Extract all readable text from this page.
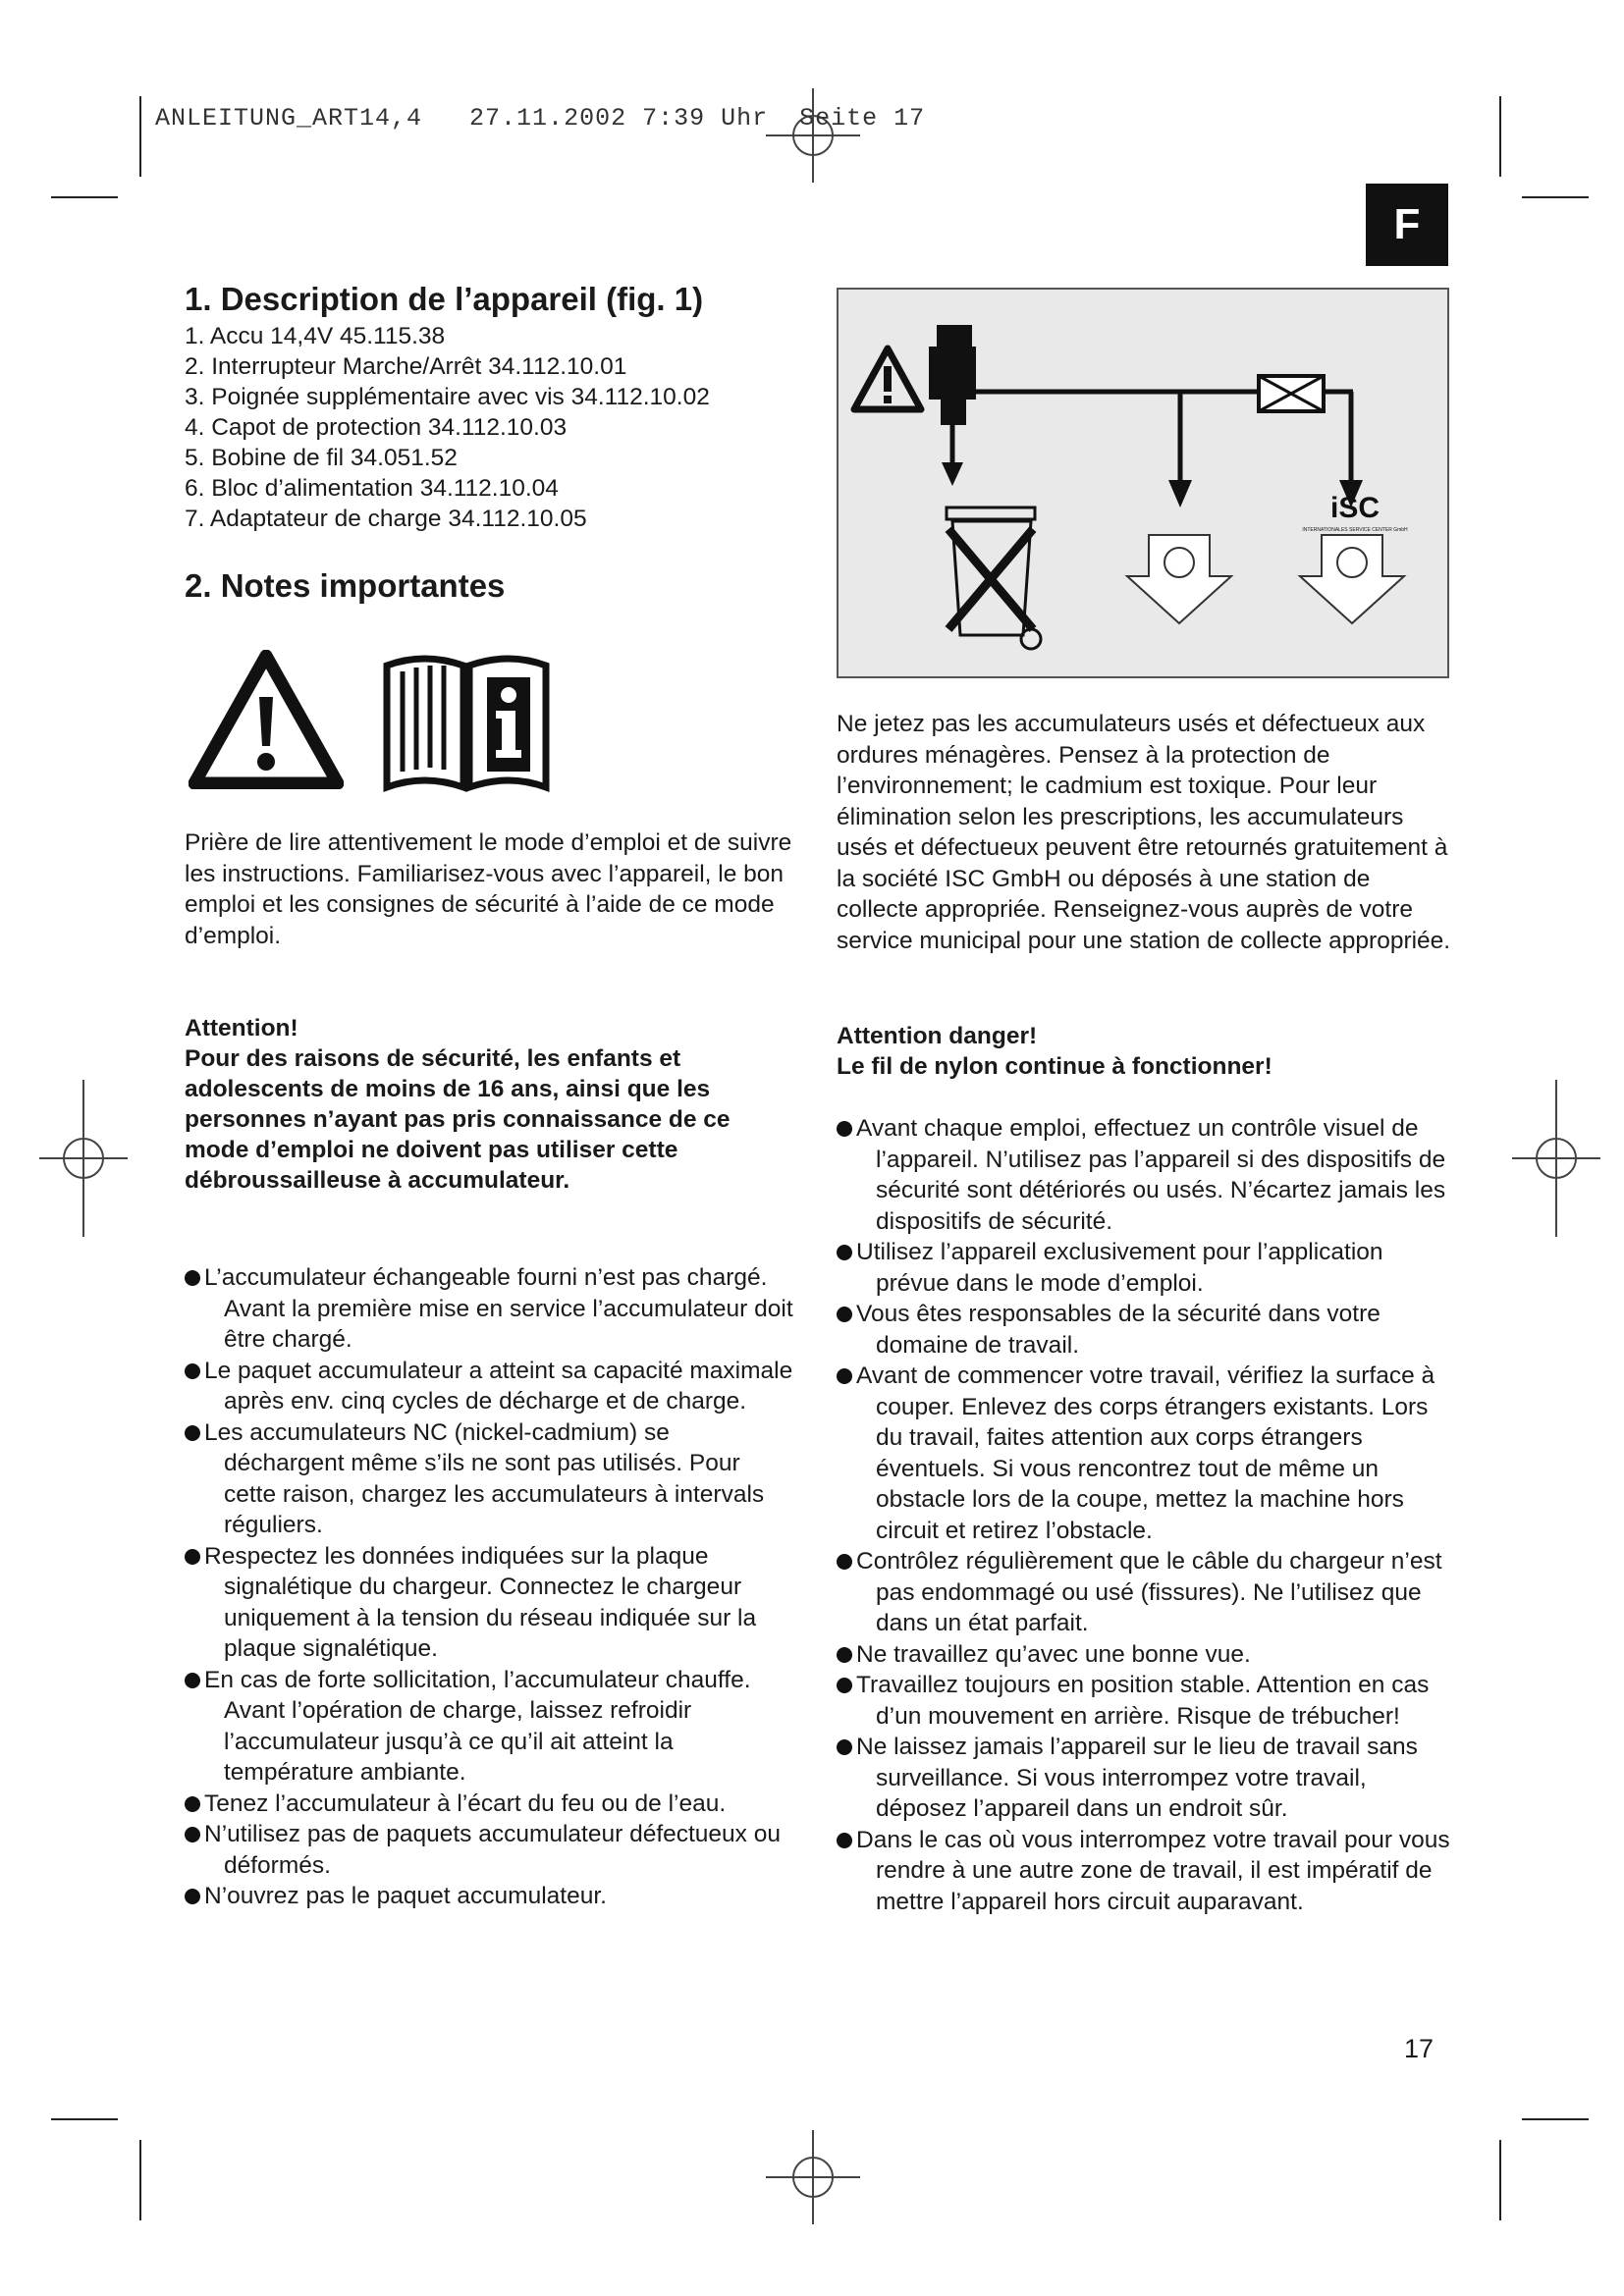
ANLEITUNG_ART14,4   27.11.2002 7:39 Uhr  Seite 17
F
1. Description de l’appareil (fig. 1)
1. Accu 14,4V 45.115.38
2. Interrupteur Marche/Arrêt 34.112.10.01
3. Poignée supplémentaire avec vis 34.112.10.02
4. Capot de protection 34.112.10.03
5. Bobine de fil 34.051.52
6. Bloc d’alimentation 34.112.10.04
7. Adaptateur de charge 34.112.10.05
2. Notes importantes
Prière de lire attentivement le mode d’emploi et de suivre les instructions. Familiarisez-vous avec l’appareil, le bon emploi et les consignes de sécurité à l’aide de ce mode d’emploi.
Attention!
Pour des raisons de sécurité, les enfants et adolescents de moins de 16 ans, ainsi que les personnes n’ayant pas pris connaissance de ce mode d’emploi ne doivent pas utiliser cette débroussailleuse à accumulateur.
L’accumulateur échangeable fourni n’est pas chargé. Avant la première mise en service l’accumulateur doit être chargé.
Le paquet accumulateur a atteint sa capacité maximale après env. cinq cycles de décharge et de charge.
Les accumulateurs NC (nickel-cadmium) se déchargent même s’ils ne sont pas utilisés. Pour cette raison, chargez les accumulateurs à intervals réguliers.
Respectez les données indiquées sur la plaque signalétique du chargeur. Connectez le chargeur uniquement à la tension du réseau indiquée sur la plaque signalétique.
En cas de forte sollicitation, l’accumulateur chauffe. Avant l’opération de charge, laissez refroidir l’accumulateur jusqu’à ce qu’il ait atteint la température ambiante.
Tenez l’accumulateur à l’écart du feu ou de l’eau.
N’utilisez pas de paquets accumulateur défectueux ou déformés.
N’ouvrez pas le paquet accumulateur.
iSC
INTERNATIONALES SERVICE CENTER GmbH
Ne jetez pas les accumulateurs usés et défectueux aux ordures ménagères. Pensez à la protection de l’environnement; le cadmium est toxique. Pour leur élimination selon les prescriptions, les accumulateurs usés et défectueux peuvent être retournés gratuitement à la société ISC GmbH ou déposés à une station de collecte appropriée. Renseignez-vous auprès de votre service municipal pour une station de collecte appropriée.
Attention danger!
Le fil de nylon continue à fonctionner!
Avant chaque emploi, effectuez un contrôle visuel de l’appareil. N’utilisez pas l’appareil si des dispositifs de sécurité sont détériorés ou usés. N’écartez jamais les dispositifs de sécurité.
Utilisez l’appareil exclusivement pour l’application prévue dans le mode d’emploi.
Vous êtes responsables de la sécurité dans votre domaine de travail.
Avant de commencer votre travail, vérifiez la surface à couper. Enlevez des corps étrangers existants. Lors du travail, faites attention aux corps étrangers éventuels. Si vous rencontrez tout de même un obstacle lors de la coupe, mettez la machine hors circuit et retirez l’obstacle.
Contrôlez régulièrement que le câble du chargeur n’est pas endommagé ou usé (fissures). Ne l’utilisez que dans un état parfait.
Ne travaillez qu’avec une bonne vue.
Travaillez toujours en position stable. Attention en cas d’un mouvement en arrière. Risque de trébucher!
Ne laissez jamais l’appareil sur le lieu de travail sans surveillance. Si vous interrompez votre travail, déposez l’appareil dans un endroit sûr.
Dans le cas où vous interrompez votre travail pour vous rendre à une autre zone de travail, il est impératif de mettre l’appareil hors circuit auparavant.
17
